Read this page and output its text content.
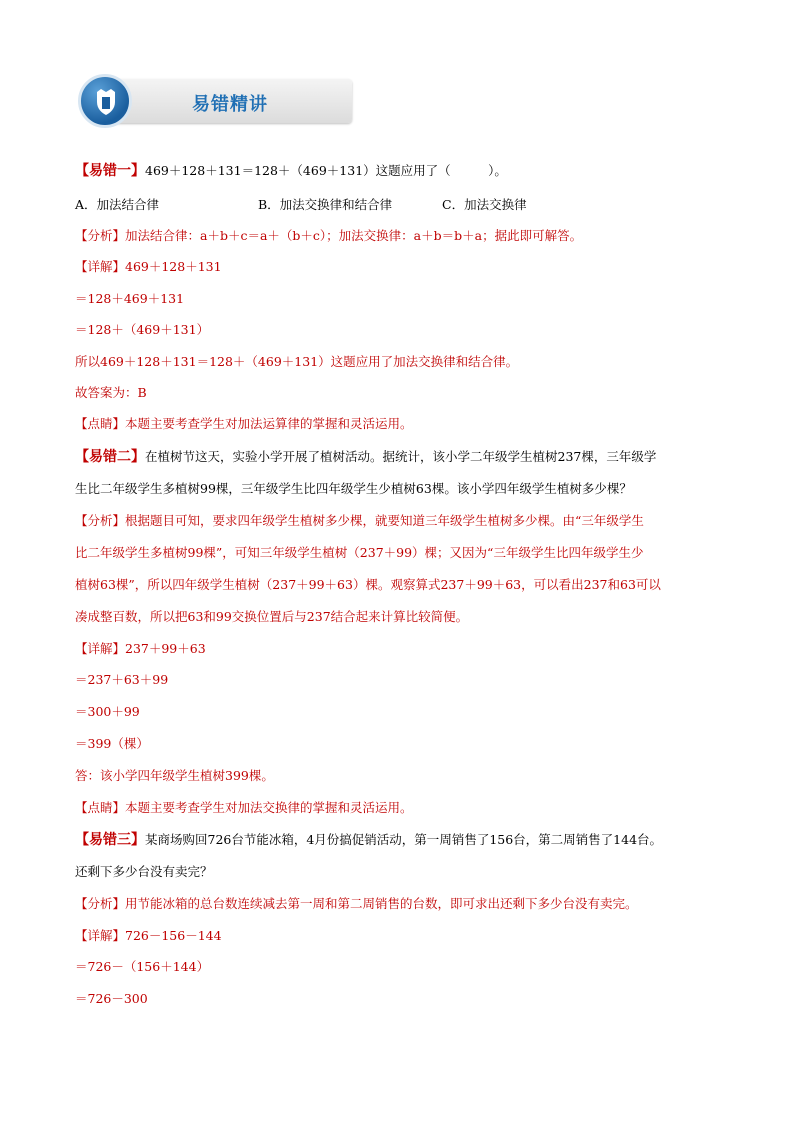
易错精讲
【易错一】469＋128＋131＝128＋（469＋131）这题应用了（　　　）。
A．加法结合律	B．加法交换律和结合律	C．加法交换律
【分析】加法结合律：a＋b＋c＝a＋（b＋c）；加法交换律：a＋b＝b＋a；据此即可解答。
【详解】469＋128＋131
＝128＋469＋131
＝128＋（469＋131）
所以469＋128＋131＝128＋（469＋131）这题应用了加法交换律和结合律。
故答案为：B
【点睛】本题主要考查学生对加法运算律的掌握和灵活运用。
【易错二】在植树节这天，实验小学开展了植树活动。据统计，该小学二年级学生植树237棵，三年级学
生比二年级学生多植树99棵，三年级学生比四年级学生少植树63棵。该小学四年级学生植树多少棵？
【分析】根据题目可知，要求四年级学生植树多少棵，就要知道三年级学生植树多少棵。由“三年级学生
比二年级学生多植树99棵”，可知三年级学生植树（237＋99）棵；又因为“三年级学生比四年级学生少
植树63棵”，所以四年级学生植树（237＋99＋63）棵。观察算式237＋99＋63，可以看出237和63可以
凑成整百数，所以把63和99交换位置后与237结合起来计算比较简便。
【详解】237＋99＋63
＝237＋63＋99
＝300＋99
＝399（棵）
答：该小学四年级学生植树399棵。
【点睛】本题主要考查学生对加法交换律的掌握和灵活运用。
【易错三】某商场购回726台节能冰箱，4月份搞促销活动，第一周销售了156台，第二周销售了144台。
还剩下多少台没有卖完？
【分析】用节能冰箱的总台数连续减去第一周和第二周销售的台数，即可求出还剩下多少台没有卖完。
【详解】726－156－144
＝726－（156＋144）
＝726－300
